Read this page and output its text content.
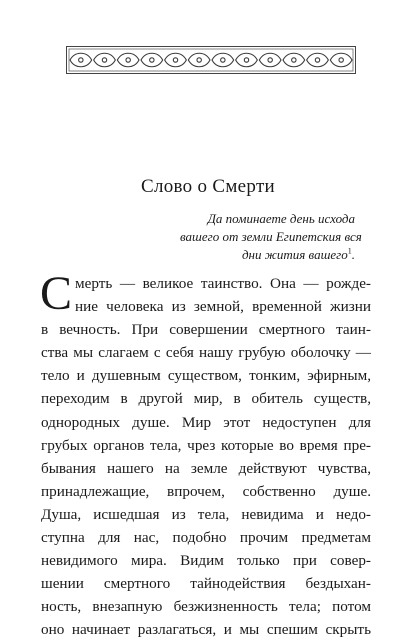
Слово о Смерти
Да поминаете день исхода
вашего от земли Египетския вся
дни жития вашего$^1$.
С мерть — великое таинство. Она — рожде-
ние человека из земной, временной жизни
в вечность. При совершении смертного таин-
ства мы слагаем с себя нашу грубую оболочку —
тело и душевным существом, тонким, эфирным,
переходим в другой мир, в обитель существ,
однородных душе. Мир этот недоступен для
грубых органов тела, чрез которые во время пре-
бывания нашего на земле действуют чувства,
принадлежащие, впрочем, собственно душе.
Душа, исшедшая из тела, невидима и недо-
ступна для нас, подобно прочим предметам
невидимого мира. Видим только при совер-
шении смертного тайнодействия бездыхан-
ность, внезапную безжизненность тела; потом
оно начинает разлагаться, и мы спешим скрыть
